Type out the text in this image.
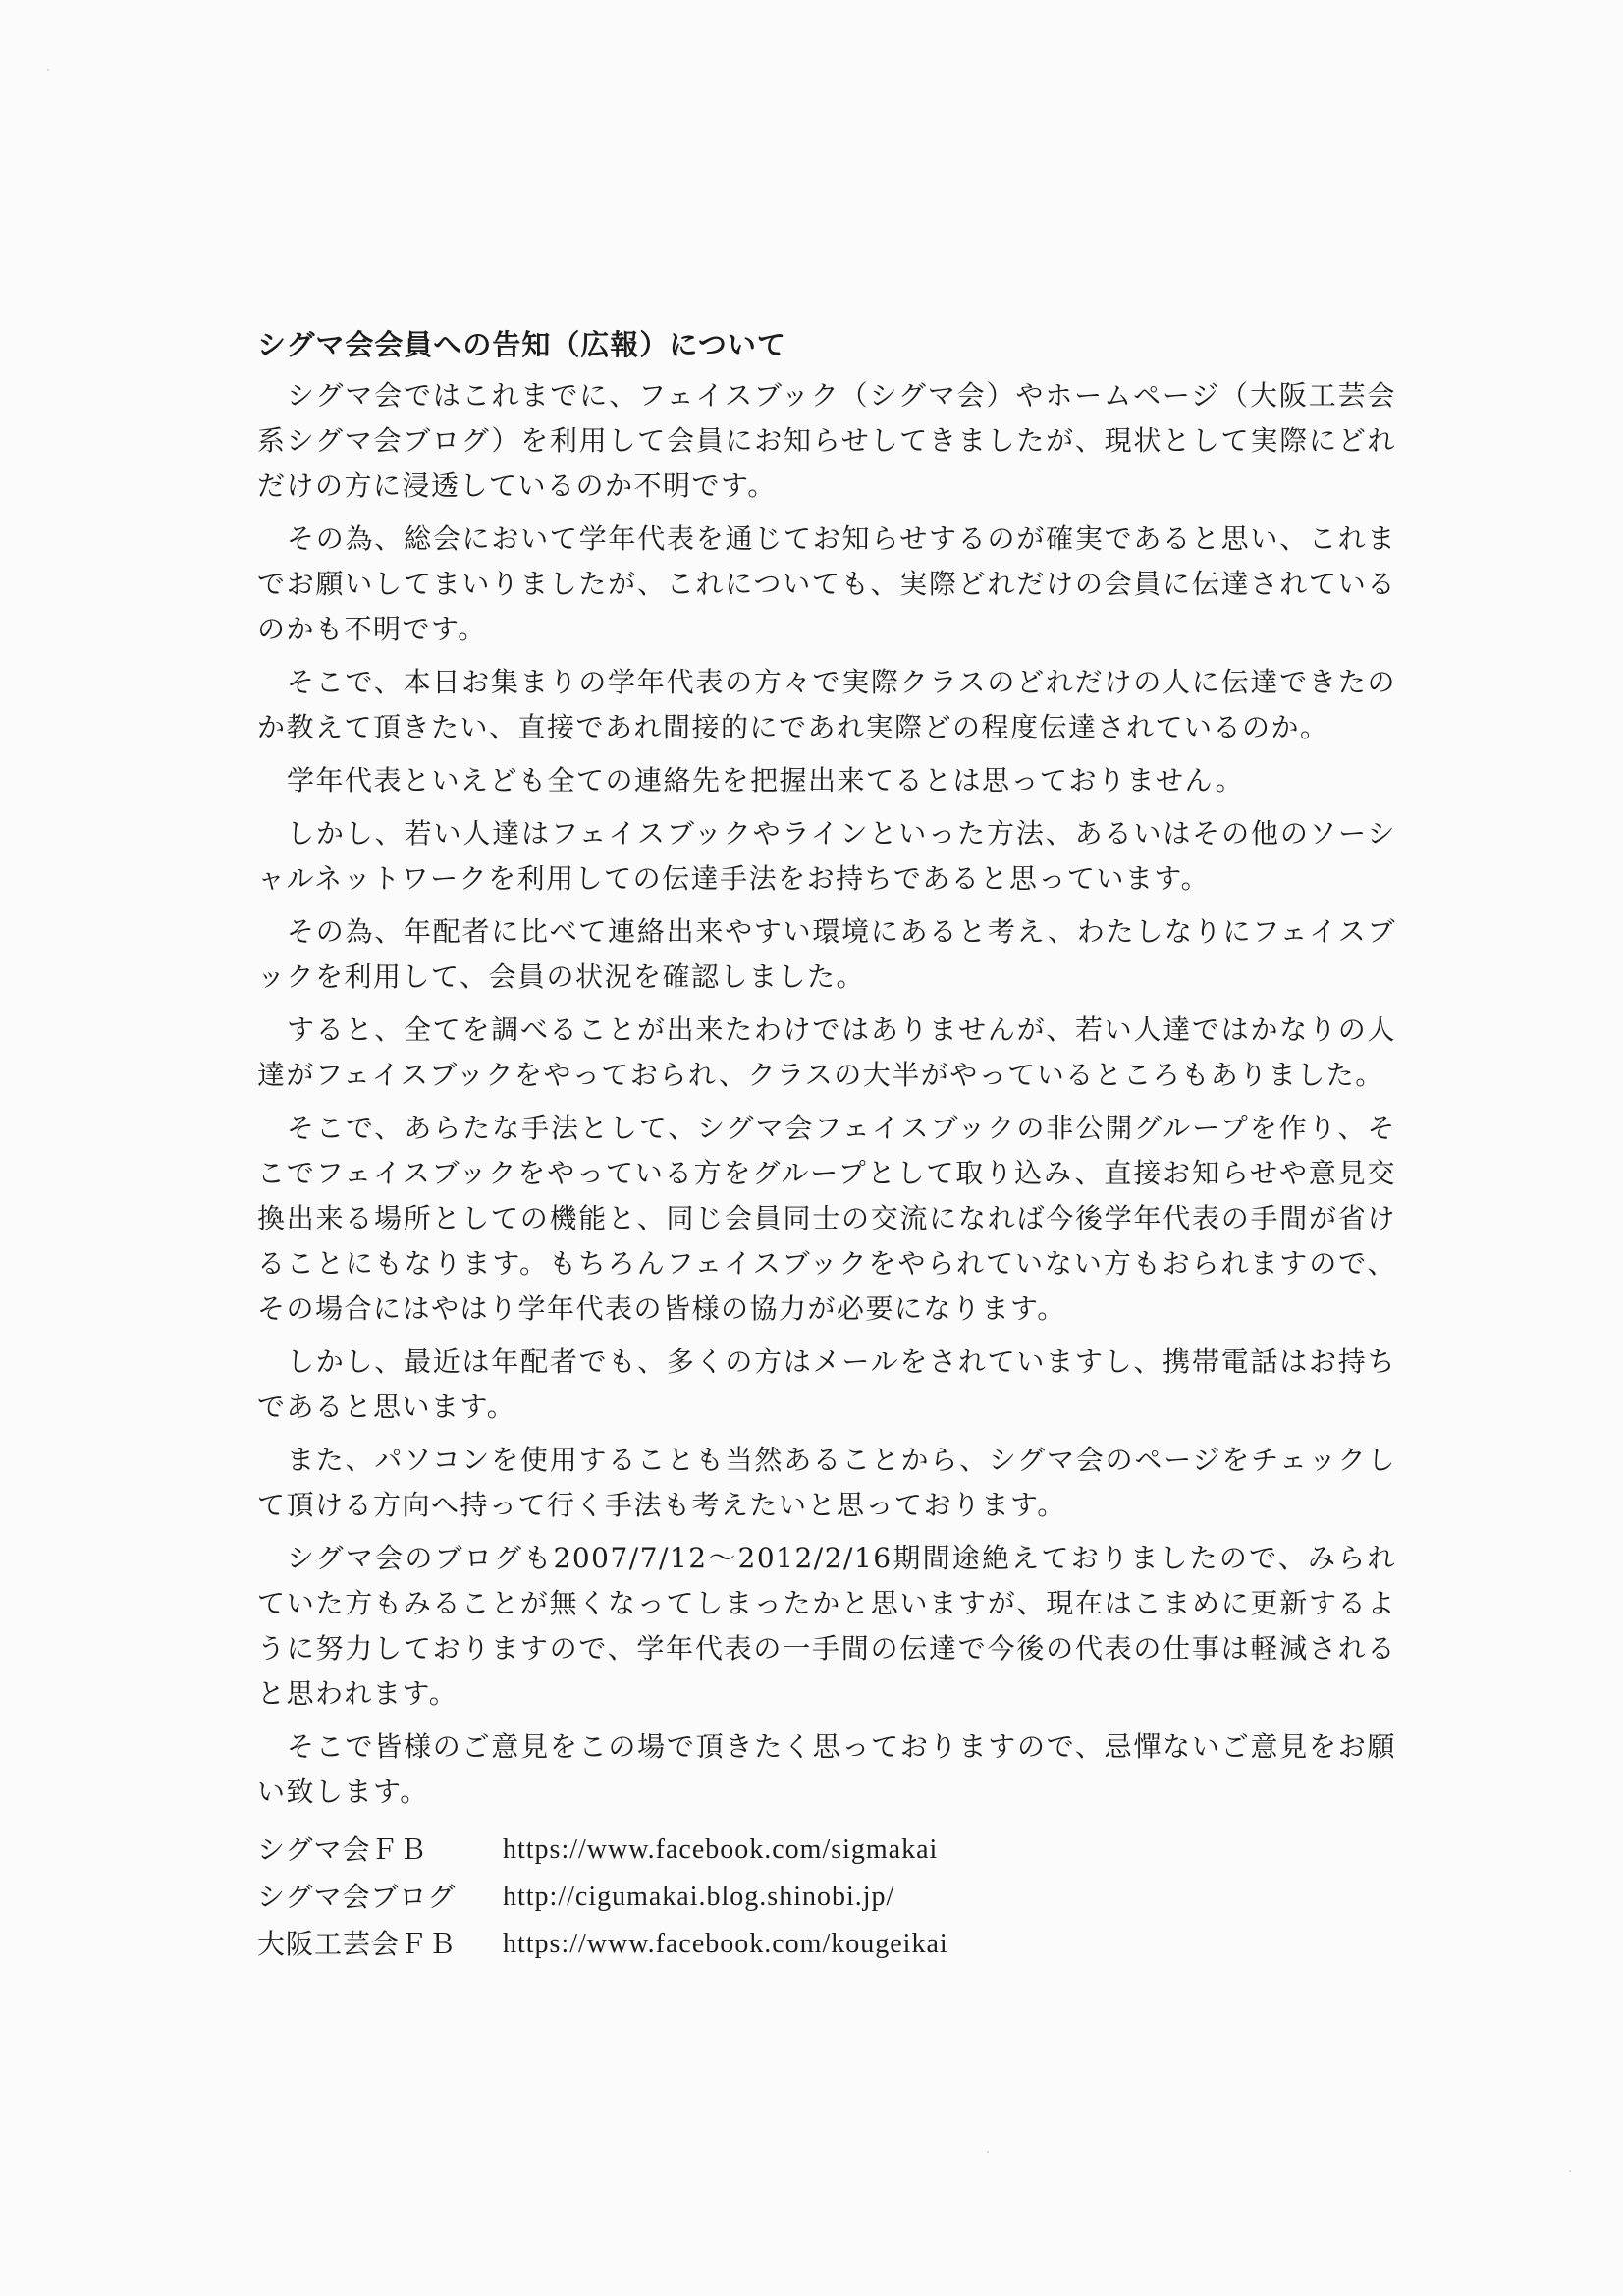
シグマ会会員への告知（広報）について

シグマ会ではこれまでに、フェイスブック（シグマ会）やホームページ（大阪工芸会系シグマ会ブログ）を利用して会員にお知らせしてきましたが、現状として実際にどれだけの方に浸透しているのか不明です。

その為、総会において学年代表を通じてお知らせするのが確実であると思い、これまでお願いしてまいりましたが、これについても、実際どれだけの会員に伝達されているのかも不明です。

そこで、本日お集まりの学年代表の方々で実際クラスのどれだけの人に伝達できたのか教えて頂きたい、直接であれ間接的にであれ実際どの程度伝達されているのか。

学年代表といえども全ての連絡先を把握出来てるとは思っておりません。

しかし、若い人達はフェイスブックやラインといった方法、あるいはその他のソーシャルネットワークを利用しての伝達手法をお持ちであると思っています。

その為、年配者に比べて連絡出来やすい環境にあると考え、わたしなりにフェイスブックを利用して、会員の状況を確認しました。

すると、全てを調べることが出来たわけではありませんが、若い人達ではかなりの人達がフェイスブックをやっておられ、クラスの大半がやっているところもありました。

そこで、あらたな手法として、シグマ会フェイスブックの非公開グループを作り、そこでフェイスブックをやっている方をグループとして取り込み、直接お知らせや意見交換出来る場所としての機能と、同じ会員同士の交流になれば今後学年代表の手間が省けることにもなります。もちろんフェイスブックをやられていない方もおられますので、その場合にはやはり学年代表の皆様の協力が必要になります。

しかし、最近は年配者でも、多くの方はメールをされていますし、携帯電話はお持ちであると思います。

また、パソコンを使用することも当然あることから、シグマ会のページをチェックして頂ける方向へ持って行く手法も考えたいと思っております。

シグマ会のブログも2007/7/12～2012/2/16期間途絶えておりましたので、みられていた方もみることが無くなってしまったかと思いますが、現在はこまめに更新するように努力しておりますので、学年代表の一手間の伝達で今後の代表の仕事は軽減されると思われます。

そこで皆様のご意見をこの場で頂きたく思っておりますので、忌憚ないご意見をお願い致します。

シグマ会ＦＢ	https://www.facebook.com/sigmakai
シグマ会ブログ	http://cigumakai.blog.shinobi.jp/
大阪工芸会ＦＢ	https://www.facebook.com/kougeikai
